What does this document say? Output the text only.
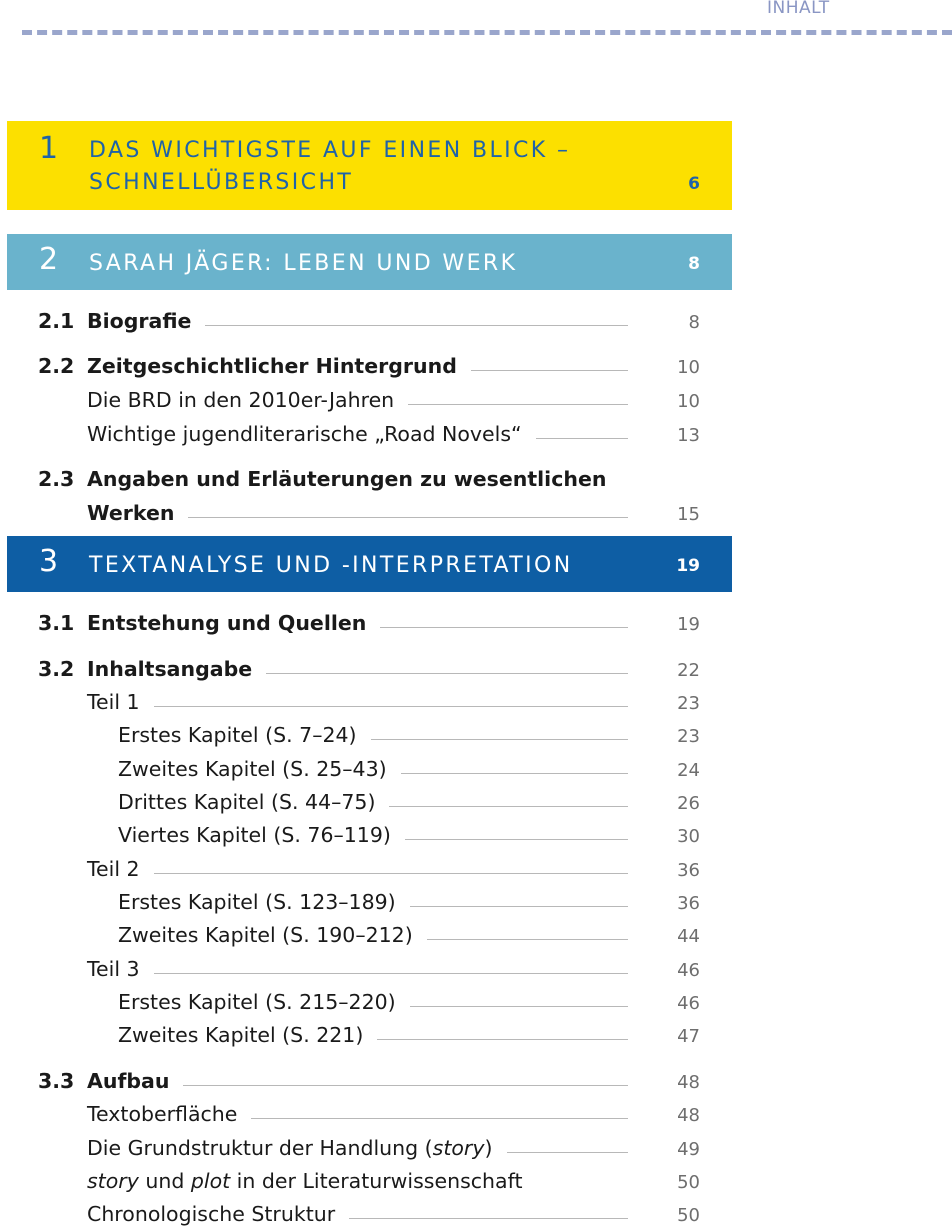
INHALT
1 DAS WICHTIGSTE AUF EINEN BLICK –
SCHNELLÜBERSICHT	6
2 SARAH JÄGER: LEBEN UND WERK	8
2.1 Biografie	8
2.2 Zeitgeschichtlicher Hintergrund	10
Die BRD in den 2010er-Jahren	10
Wichtige jugendliterarische „Road Novels“	13
2.3 Angaben und Erläuterungen zu wesentlichen
Werken	15
3 TEXTANALYSE UND -INTERPRETATION	19
3.1 Entstehung und Quellen	19
3.2 Inhaltsangabe	22
Teil 1	23
Erstes Kapitel (S. 7–24)	23
Zweites Kapitel (S. 25–43)	24
Drittes Kapitel (S. 44–75)	26
Viertes Kapitel (S. 76–119)	30
Teil 2	36
Erstes Kapitel (S. 123–189)	36
Zweites Kapitel (S. 190–212)	44
Teil 3	46
Erstes Kapitel (S. 215–220)	46
Zweites Kapitel (S. 221)	47
3.3 Aufbau	48
Textoberfläche	48
Die Grundstruktur der Handlung (story)	49
story und plot in der Literaturwissenschaft	50
Chronologische Struktur	50
